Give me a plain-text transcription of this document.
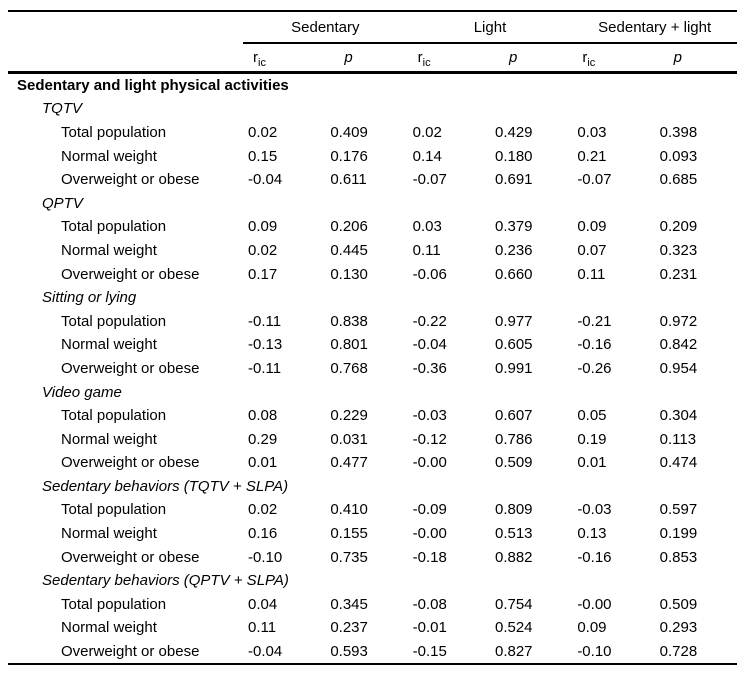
	Sedentary		Light		Sedentary + light	
	$r_{ic}$	p	$r_{ic}$	p	$r_{ic}$	p
Sedentary and light physical activities						
TQTV						
Total population	0.02	0.409	0.02	0.429	0.03	0.398
Normal weight	0.15	0.176	0.14	0.180	0.21	0.093
Overweight or obese	-0.04	0.611	-0.07	0.691	-0.07	0.685
QPTV						
Total population	0.09	0.206	0.03	0.379	0.09	0.209
Normal weight	0.02	0.445	0.11	0.236	0.07	0.323
Overweight or obese	0.17	0.130	-0.06	0.660	0.11	0.231
Sitting or lying						
Total population	-0.11	0.838	-0.22	0.977	-0.21	0.972
Normal weight	-0.13	0.801	-0.04	0.605	-0.16	0.842
Overweight or obese	-0.11	0.768	-0.36	0.991	-0.26	0.954
Video game						
Total population	0.08	0.229	-0.03	0.607	0.05	0.304
Normal weight	0.29	0.031	-0.12	0.786	0.19	0.113
Overweight or obese	0.01	0.477	-0.00	0.509	0.01	0.474
Sedentary behaviors (TQTV + SLPA)						
Total population	0.02	0.410	-0.09	0.809	-0.03	0.597
Normal weight	0.16	0.155	-0.00	0.513	0.13	0.199
Overweight or obese	-0.10	0.735	-0.18	0.882	-0.16	0.853
Sedentary behaviors (QPTV + SLPA)						
Total population	0.04	0.345	-0.08	0.754	-0.00	0.509
Normal weight	0.11	0.237	-0.01	0.524	0.09	0.293
Overweight or obese	-0.04	0.593	-0.15	0.827	-0.10	0.728
